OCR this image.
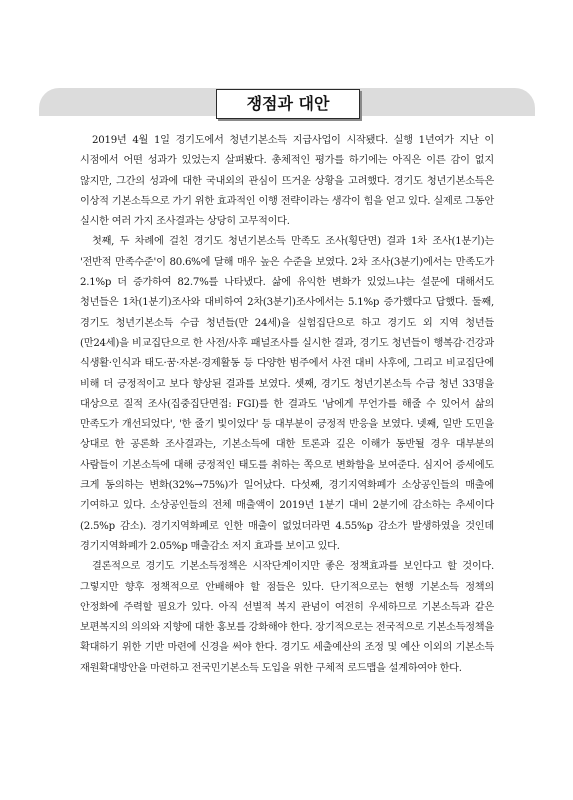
쟁점과 대안

2019년 4월 1일 경기도에서 청년기본소득 지급사업이 시작됐다. 실행 1년여가 지난 이 시점에서 어떤 성과가 있었는지 살펴봤다. 총체적인 평가를 하기에는 아직은 이른 감이 없지 않지만, 그간의 성과에 대한 국내외의 관심이 뜨거운 상황을 고려했다. 경기도 청년기본소득은 이상적 기본소득으로 가기 위한 효과적인 이행 전략이라는 생각이 힘을 얻고 있다. 실제로 그동안 실시한 여러 가지 조사결과는 상당히 고무적이다.

첫째, 두 차례에 걸친 경기도 청년기본소득 만족도 조사(횡단면) 결과 1차 조사(1분기)는 '전반적 만족수준'이 80.6%에 달해 매우 높은 수준을 보였다. 2차 조사(3분기)에서는 만족도가 2.1%p 더 증가하여 82.7%를 나타냈다. 삶에 유익한 변화가 있었느냐는 설문에 대해서도 청년들은 1차(1분기)조사와 대비하여 2차(3분기)조사에서는 5.1%p 증가했다고 답했다. 둘째, 경기도 청년기본소득 수급 청년들(만 24세)을 실험집단으로 하고 경기도 외 지역 청년들(만24세)을 비교집단으로 한 사전/사후 패널조사를 실시한 결과, 경기도 청년들이 행복감·건강과 식생활·인식과 태도·꿈·자본·경제활동 등 다양한 범주에서 사전 대비 사후에, 그리고 비교집단에 비해 더 긍정적이고 보다 향상된 결과를 보였다. 셋째, 경기도 청년기본소득 수급 청년 33명을 대상으로 질적 조사(집중집단면접: FGI)를 한 결과도 '남에게 무언가를 해줄 수 있어서 삶의 만족도가 개선되었다', '한 줄기 빛이었다' 등 대부분이 긍정적 반응을 보였다. 넷째, 일반 도민을 상대로 한 공론화 조사결과는, 기본소득에 대한 토론과 깊은 이해가 동반될 경우 대부분의 사람들이 기본소득에 대해 긍정적인 태도를 취하는 쪽으로 변화함을 보여준다. 심지어 증세에도 크게 동의하는 변화(32%→75%)가 일어났다. 다섯째, 경기지역화폐가 소상공인들의 매출에 기여하고 있다. 소상공인들의 전체 매출액이 2019년 1분기 대비 2분기에 감소하는 추세이다(2.5%p 감소). 경기지역화폐로 인한 매출이 없었더라면 4.55%p 감소가 발생하였을 것인데 경기지역화폐가 2.05%p 매출감소 저지 효과를 보이고 있다.

결론적으로 경기도 기본소득정책은 시작단계이지만 좋은 정책효과를 보인다고 할 것이다. 그렇지만 향후 정책적으로 안배해야 할 점들은 있다. 단기적으로는 현행 기본소득 정책의 안정화에 주력할 필요가 있다. 아직 선별적 복지 관념이 여전히 우세하므로 기본소득과 같은 보편복지의 의의와 지향에 대한 홍보를 강화해야 한다. 장기적으로는 전국적으로 기본소득정책을 확대하기 위한 기반 마련에 신경을 써야 한다. 경기도 세출예산의 조정 및 예산 이외의 기본소득 재원확대방안을 마련하고 전국민기본소득 도입을 위한 구체적 로드맵을 설계하여야 한다.
